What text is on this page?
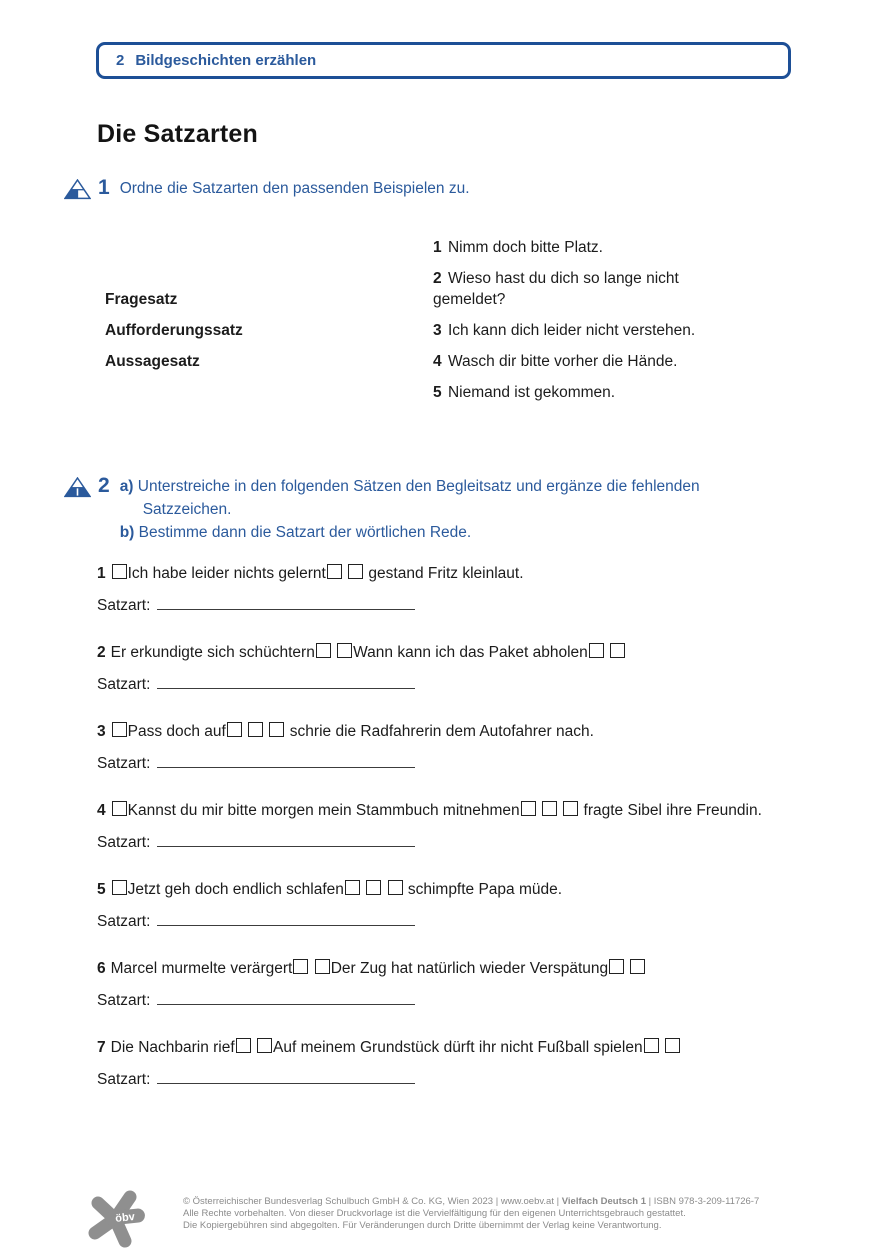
2 Bildgeschichten erzählen
Die Satzarten
1 Ordne die Satzarten den passenden Beispielen zu.
Fragesatz
Aufforderungssatz
Aussagesatz
1 Nimm doch bitte Platz.
2 Wieso hast du dich so lange nicht gemeldet?
3 Ich kann dich leider nicht verstehen.
4 Wasch dir bitte vorher die Hände.
5 Niemand ist gekommen.
2 a) Unterstreiche in den folgenden Sätzen den Begleitsatz und ergänze die fehlenden Satzzeichen.

b) Bestimme dann die Satzart der wörtlichen Rede.

1 Ich habe leider nichts gelernt  gestand Fritz kleinlaut.
Satzart:
2 Er erkundigte sich schüchtern Wann kann ich das Paket abholen
Satzart:
3 Pass doch auf	schrie die Radfahrerin dem Autofahrer nach.
Satzart:
4 Kannst du mir bitte morgen mein Stammbuch mitnehmen	fragte Sibel ihre Freundin.
Satzart:
5 Jetzt geh doch endlich schlafen	schimpfte Papa müde.
Satzart:
6 Marcel murmelte verärgert Der Zug hat natürlich wieder Verspätung
Satzart:
7 Die Nachbarin rief Auf meinem Grundstück dürft ihr nicht Fußball spielen
Satzart:
öbv
© Österreichischer Bundesverlag Schulbuch GmbH & Co. KG, Wien 2023 | www.oebv.at | Vielfach Deutsch 1 | ISBN 978-3-209-11726-7
Alle Rechte vorbehalten. Von dieser Druckvorlage ist die Vervielfältigung für den eigenen Unterrichtsgebrauch gestattet.
Die Kopiergebühren sind abgegolten. Für Veränderungen durch Dritte übernimmt der Verlag keine Verantwortung.
